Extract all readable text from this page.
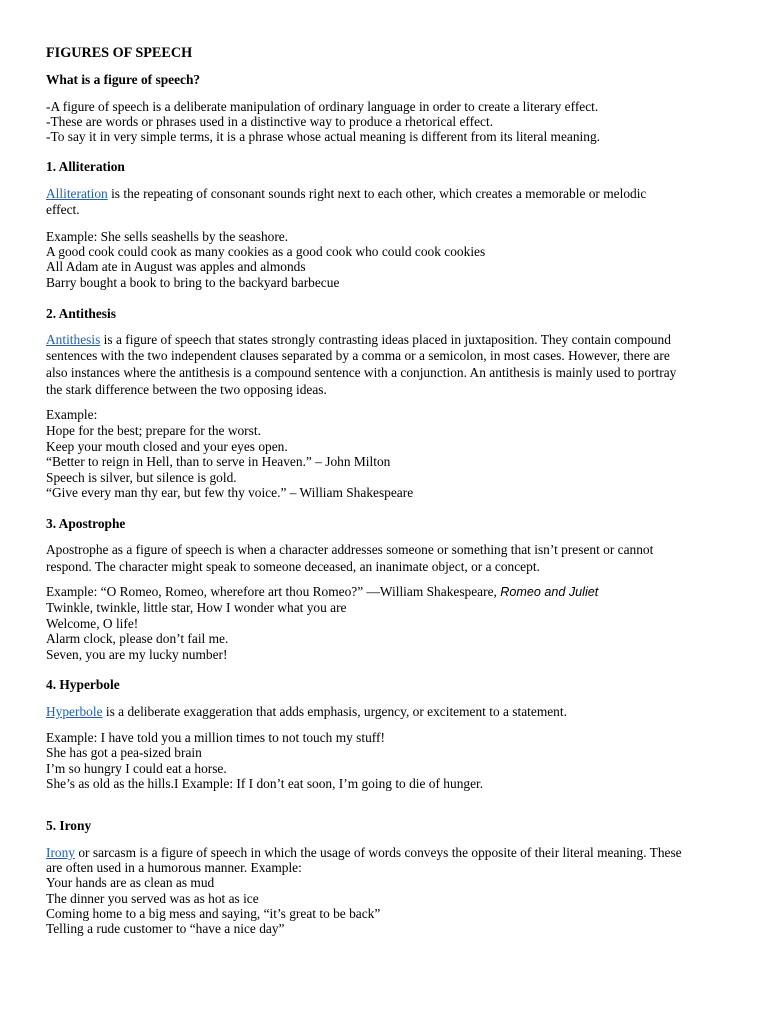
FIGURES OF SPEECH
What is a figure of speech?
-A figure of speech is a deliberate manipulation of ordinary language in order to create a literary effect.
-These are words or phrases used in a distinctive way to produce a rhetorical effect.
-To say it in very simple terms, it is a phrase whose actual meaning is different from its literal meaning.
1. Alliteration
Alliteration is the repeating of consonant sounds right next to each other, which creates a memorable or melodic
effect.
Example: She sells seashells by the seashore.
A good cook could cook as many cookies as a good cook who could cook cookies
All Adam ate in August was apples and almonds
Barry bought a book to bring to the backyard barbecue
2. Antithesis
Antithesis is a figure of speech that states strongly contrasting ideas placed in juxtaposition. They contain compound
sentences with the two independent clauses separated by a comma or a semicolon, in most cases. However, there are
also instances where the antithesis is a compound sentence with a conjunction. An antithesis is mainly used to portray
the stark difference between the two opposing ideas.
Example:
Hope for the best; prepare for the worst.
Keep your mouth closed and your eyes open.
“Better to reign in Hell, than to serve in Heaven.” – John Milton
Speech is silver, but silence is gold.
“Give every man thy ear, but few thy voice.” – William Shakespeare
3. Apostrophe
Apostrophe as a figure of speech is when a character addresses someone or something that isn’t present or cannot
respond. The character might speak to someone deceased, an inanimate object, or a concept.
Example: “O Romeo, Romeo, wherefore art thou Romeo?” —William Shakespeare, Romeo and Juliet
Twinkle, twinkle, little star, How I wonder what you are
Welcome, O life!
Alarm clock, please don’t fail me.
Seven, you are my lucky number!
4. Hyperbole
Hyperbole is a deliberate exaggeration that adds emphasis, urgency, or excitement to a statement.
Example: I have told you a million times to not touch my stuff!
She has got a pea-sized brain
I’m so hungry I could eat a horse.
She’s as old as the hills.I Example: If I don’t eat soon, I’m going to die of hunger.
5. Irony
Irony or sarcasm is a figure of speech in which the usage of words conveys the opposite of their literal meaning. These
are often used in a humorous manner. Example:
Your hands are as clean as mud
The dinner you served was as hot as ice
Coming home to a big mess and saying, “it’s great to be back”
Telling a rude customer to “have a nice day”
